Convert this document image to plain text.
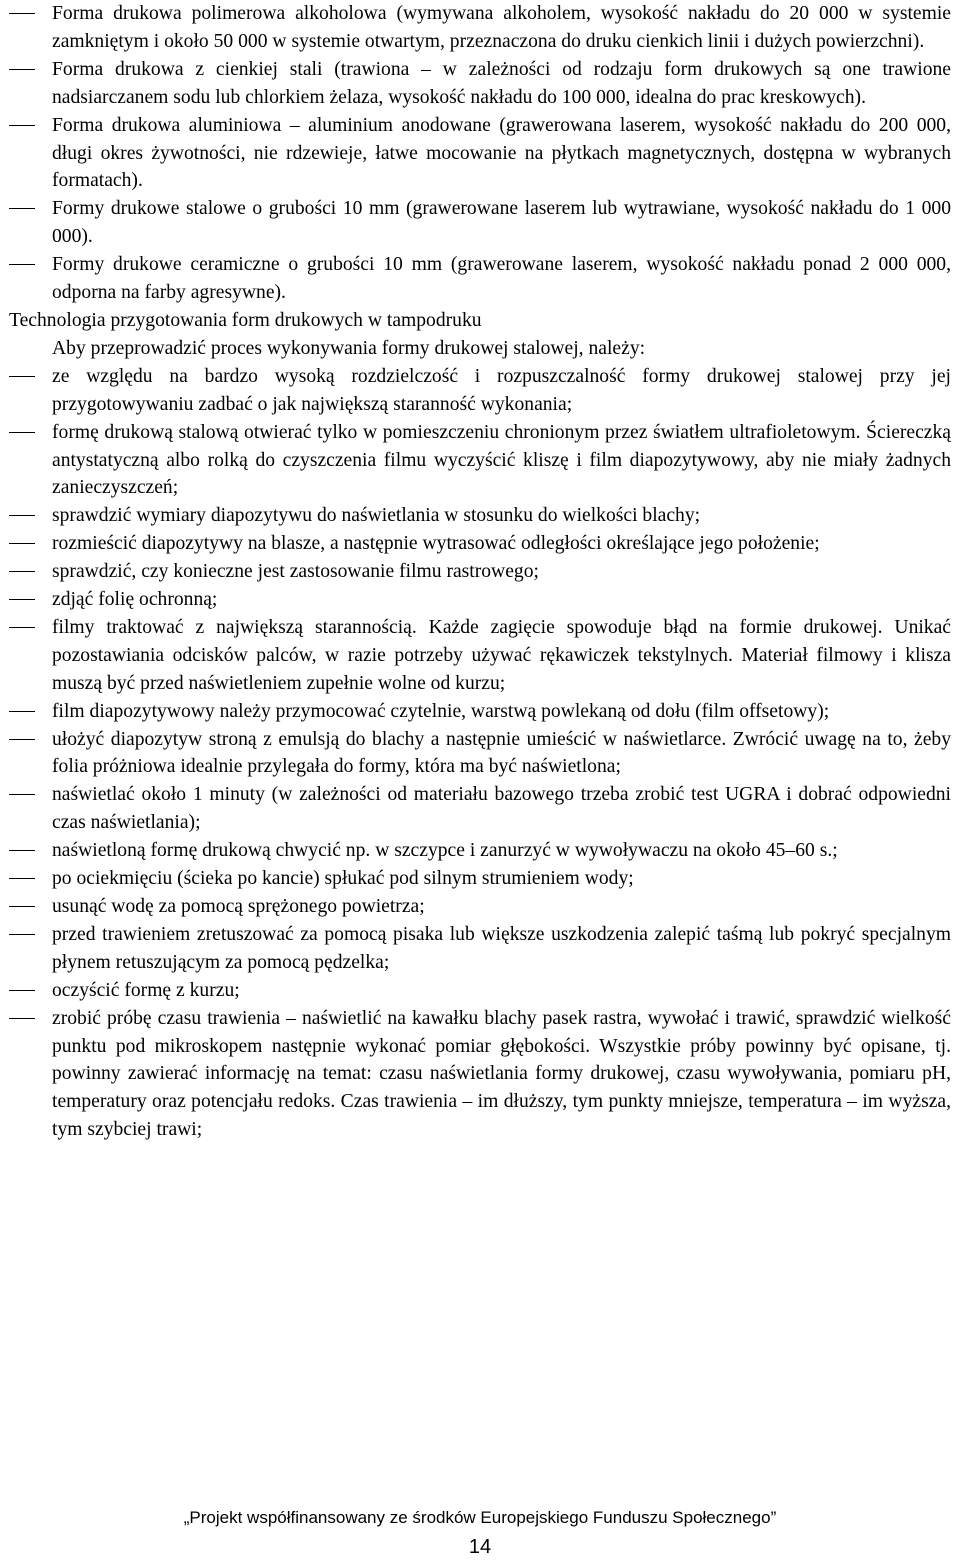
Forma drukowa polimerowa alkoholowa (wymywana alkoholem, wysokość nakładu do 20 000 w systemie zamkniętym i około 50 000 w systemie otwartym, przeznaczona do druku cienkich linii i dużych powierzchni).
Forma drukowa z cienkiej stali (trawiona – w zależności od rodzaju form drukowych są one trawione nadsiarczanem sodu lub chlorkiem żelaza, wysokość nakładu do 100 000, idealna do prac kreskowych).
Forma drukowa aluminiowa – aluminium anodowane (grawerowana laserem, wysokość nakładu do 200 000, długi okres żywotności, nie rdzewieje, łatwe mocowanie na płytkach magnetycznych, dostępna w wybranych formatach).
Formy drukowe stalowe o grubości 10 mm (grawerowane laserem lub wytrawiane, wysokość nakładu do 1 000 000).
Formy drukowe ceramiczne o grubości 10 mm (grawerowane laserem, wysokość nakładu ponad 2 000 000, odporna na farby agresywne).
Technologia przygotowania form drukowych w tampodruku
Aby przeprowadzić proces wykonywania formy drukowej stalowej, należy:
ze względu na bardzo wysoką rozdzielczość i rozpuszczalność formy drukowej stalowej przy jej przygotowywaniu zadbać o jak największą staranność wykonania;
formę drukową stalową otwierać tylko w pomieszczeniu chronionym przez światłem ultrafioletowym. Ściereczką antystatyczną albo rolką do czyszczenia filmu wyczyścić kliszę i film diapozytywowy, aby nie miały żadnych zanieczyszczeń;
sprawdzić wymiary diapozytywu do naświetlania w stosunku do wielkości blachy;
rozmieścić diapozytywy na blasze, a następnie wytrasować odległości określające jego położenie;
sprawdzić, czy konieczne jest zastosowanie filmu rastrowego;
zdjąć folię ochronną;
filmy traktować z największą starannością. Każde zagięcie spowoduje błąd na formie drukowej. Unikać pozostawiania odcisków palców, w razie potrzeby używać rękawiczek tekstylnych. Materiał filmowy i klisza muszą być przed naświetleniem zupełnie wolne od kurzu;
film diapozytywowy należy przymocować czytelnie, warstwą powlekaną od dołu (film offsetowy);
ułożyć diapozytyw stroną z emulsją do blachy a następnie umieścić w naświetlarce. Zwrócić uwagę na to, żeby folia próżniowa idealnie przylegała do formy, która ma być naświetlona;
naświetlać około 1 minuty (w zależności od materiału bazowego trzeba zrobić test UGRA i dobrać odpowiedni czas naświetlania);
naświetloną formę drukową chwycić np. w szczypce i zanurzyć w wywoływaczu na około 45–60 s.;
po ociekmięciu (ścieka po kancie) spłukać pod silnym strumieniem wody;
usunąć wodę za pomocą sprężonego powietrza;
przed trawieniem zretuszować za pomocą pisaka lub większe uszkodzenia zalepić taśmą lub pokryć specjalnym płynem retuszującym za pomocą pędzelka;
oczyścić formę z kurzu;
zrobić próbę czasu trawienia – naświetlić na kawałku blachy pasek rastra, wywołać i trawić, sprawdzić wielkość punktu pod mikroskopem następnie wykonać pomiar głębokości. Wszystkie próby powinny być opisane, tj. powinny zawierać informację na temat: czasu naświetlania formy drukowej, czasu wywoływania, pomiaru pH, temperatury oraz potencjału redoks. Czas trawienia – im dłuższy, tym punkty mniejsze, temperatura – im wyższa, tym szybciej trawi;
„Projekt współfinansowany ze środków Europejskiego Funduszu Społecznego”
14
